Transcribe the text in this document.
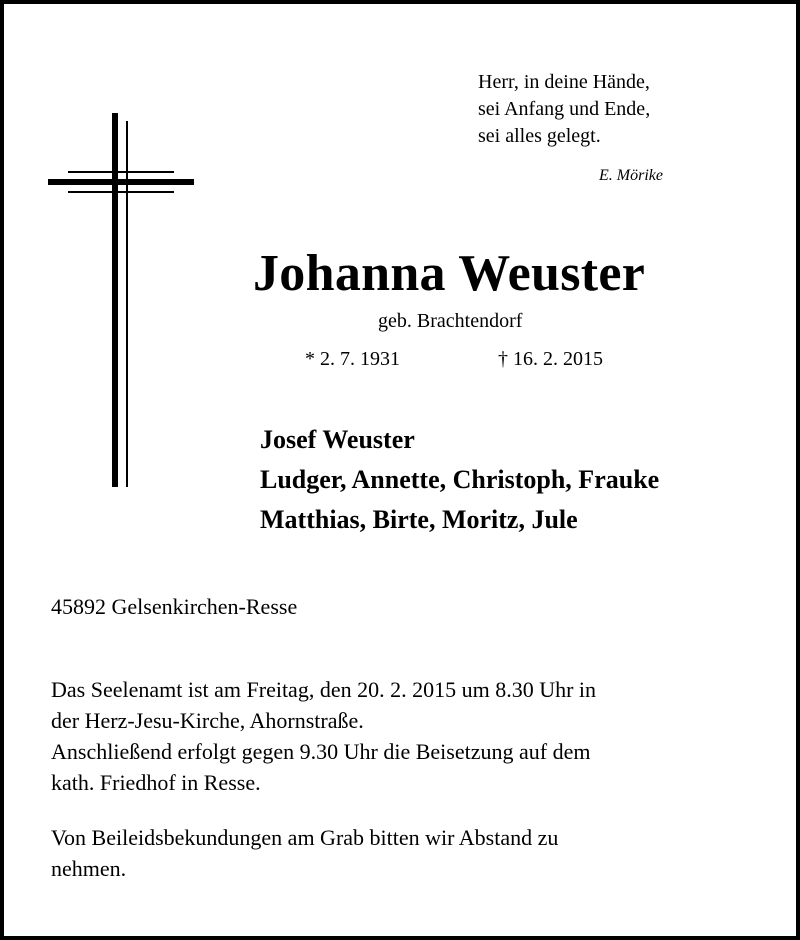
Herr, in deine Hände,
sei Anfang und Ende,
sei alles gelegt.
E. Mörike
Johanna Weuster
geb. Brachtendorf
* 2. 7. 1931	† 16. 2. 2015
Josef Weuster
Ludger, Annette, Christoph, Frauke
Matthias, Birte, Moritz, Jule
45892 Gelsenkirchen-Resse
Das Seelenamt ist am Freitag, den 20. 2. 2015 um 8.30 Uhr in
der Herz-Jesu-Kirche, Ahornstraße.
Anschließend erfolgt gegen 9.30 Uhr die Beisetzung auf dem
kath. Friedhof in Resse.
Von Beileidsbekundungen am Grab bitten wir Abstand zu
nehmen.
